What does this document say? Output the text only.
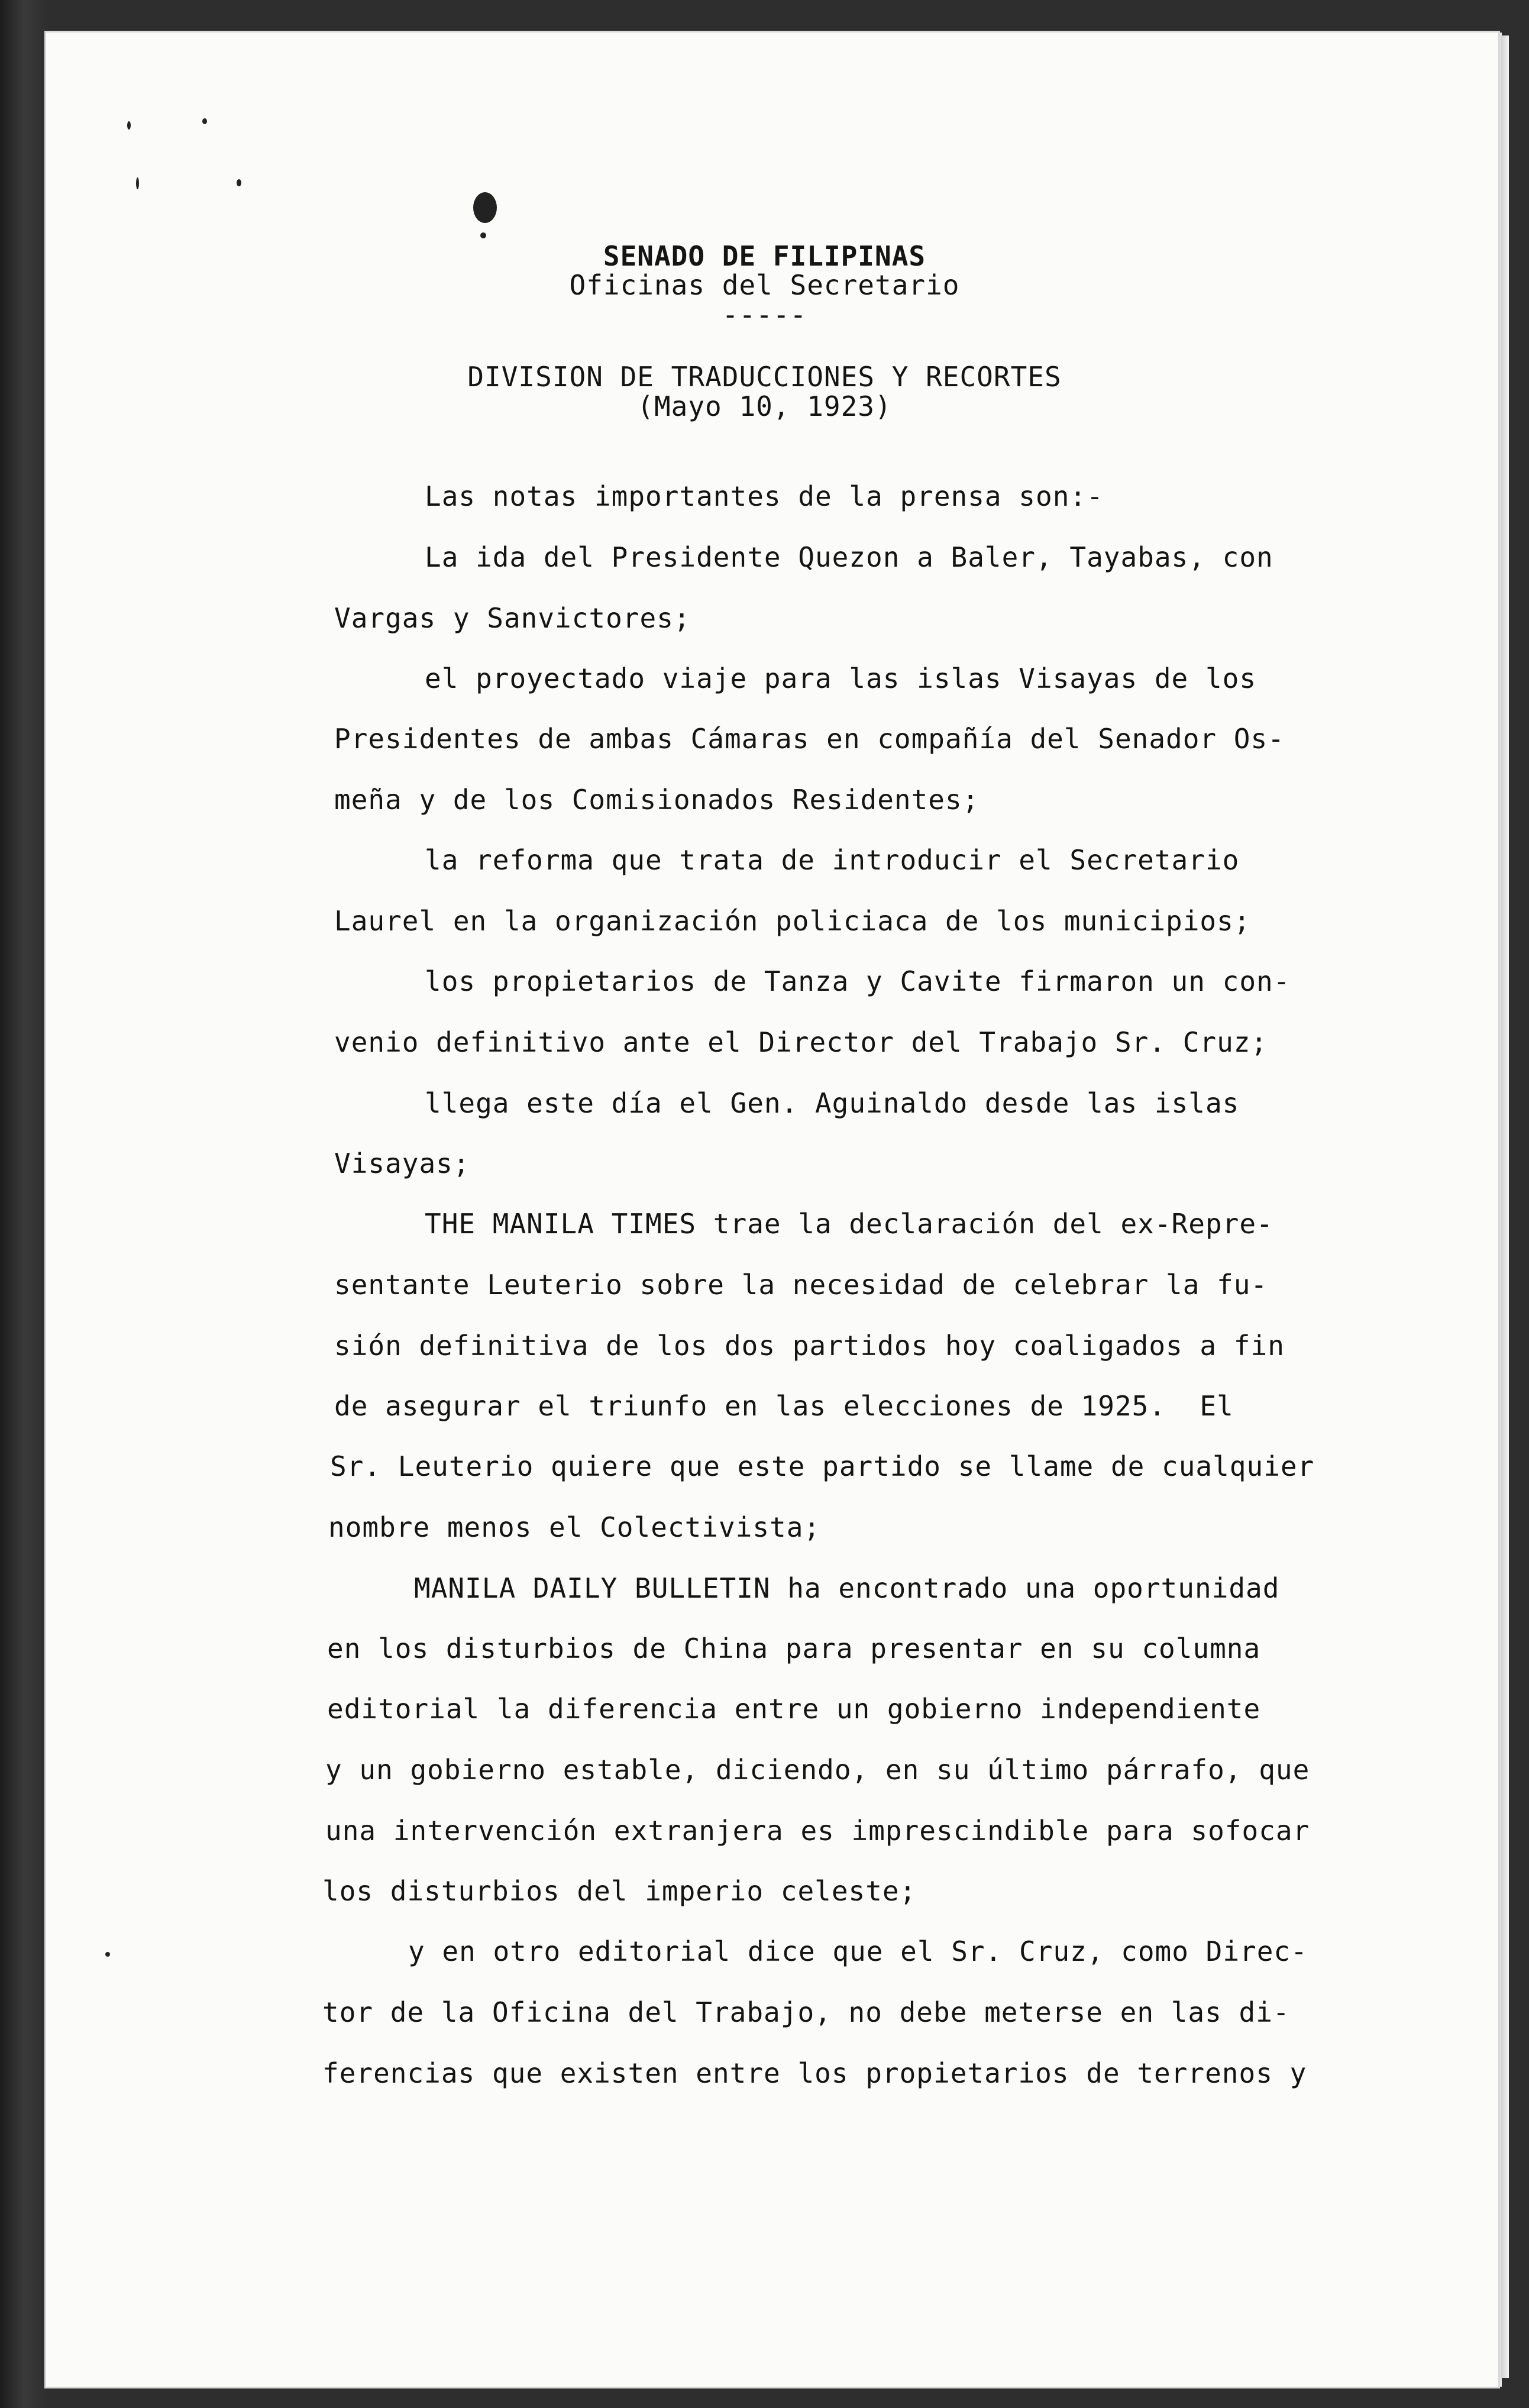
SENADO DE FILIPINAS
Oficinas del Secretario
-----
DIVISION DE TRADUCCIONES Y RECORTES
(Mayo 10, 1923)
Las notas importantes de la prensa son:-
La ida del Presidente Quezon a Baler, Tayabas, con
Vargas y Sanvictores;
el proyectado viaje para las islas Visayas de los
Presidentes de ambas Cámaras en compañía del Senador Os-
meña y de los Comisionados Residentes;
la reforma que trata de introducir el Secretario
Laurel en la organización policiaca de los municipios;
los propietarios de Tanza y Cavite firmaron un con-
venio definitivo ante el Director del Trabajo Sr. Cruz;
llega este día el Gen. Aguinaldo desde las islas
Visayas;
THE MANILA TIMES trae la declaración del ex-Repre-
sentante Leuterio sobre la necesidad de celebrar la fu-
sión definitiva de los dos partidos hoy coaligados a fin
de asegurar el triunfo en las elecciones de 1925.  El
Sr. Leuterio quiere que este partido se llame de cualquier
nombre menos el Colectivista;
MANILA DAILY BULLETIN ha encontrado una oportunidad
en los disturbios de China para presentar en su columna
editorial la diferencia entre un gobierno independiente
y un gobierno estable, diciendo, en su último párrafo, que
una intervención extranjera es imprescindible para sofocar
los disturbios del imperio celeste;
y en otro editorial dice que el Sr. Cruz, como Direc-
tor de la Oficina del Trabajo, no debe meterse en las di-
ferencias que existen entre los propietarios de terrenos y
